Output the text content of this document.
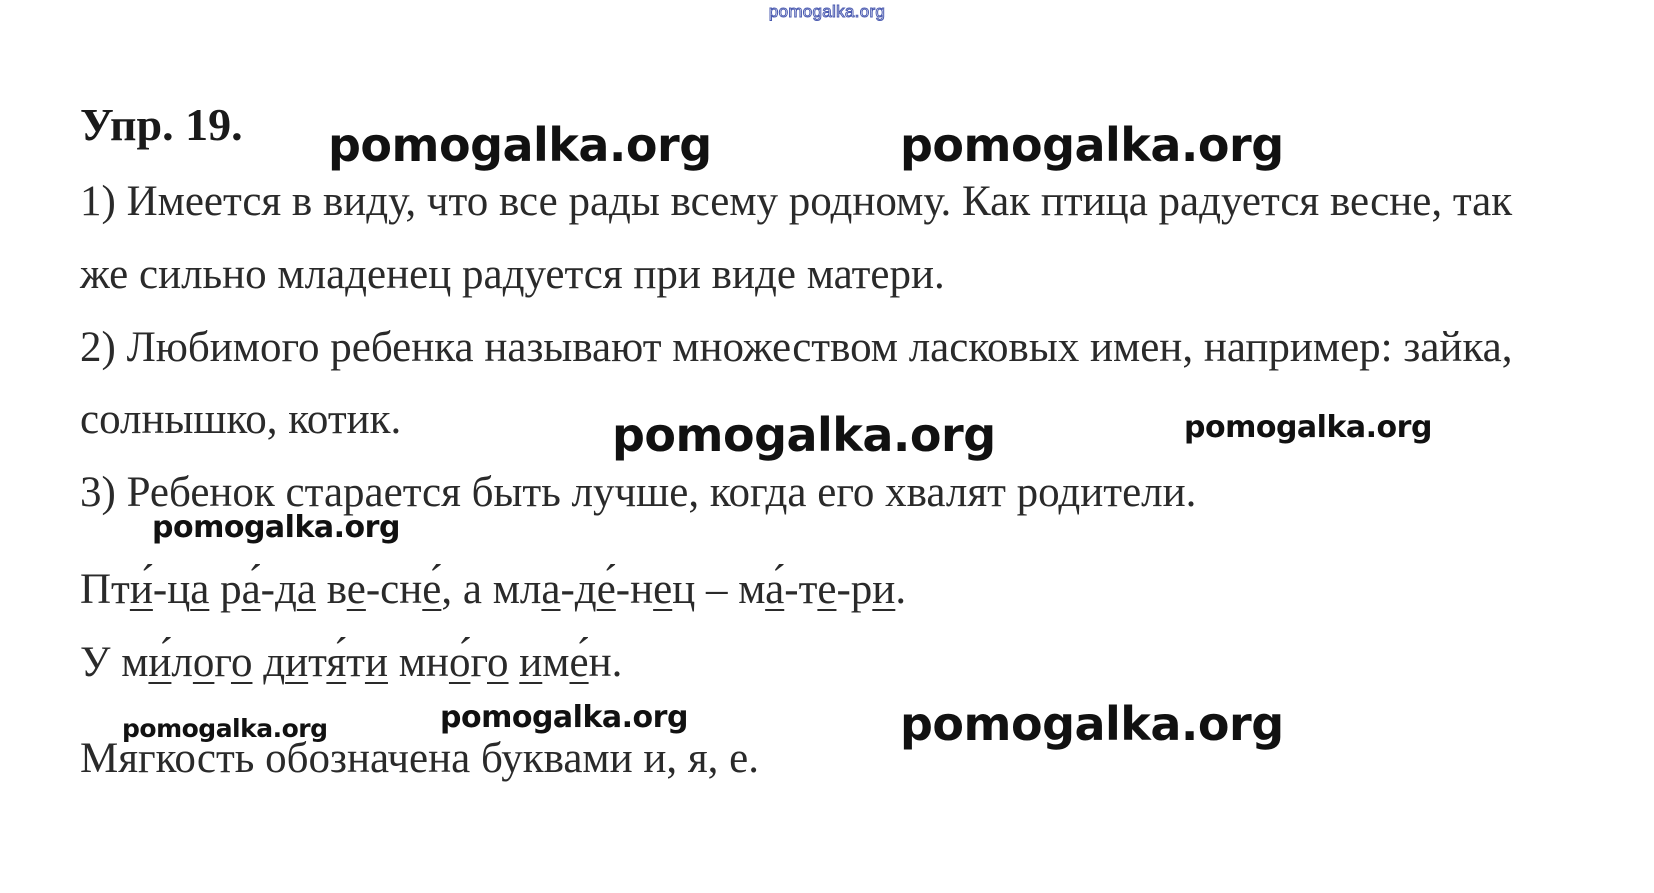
pomogalka.org
Упр. 19. pomogalka.org	pomogalka.org
1) Имеется в виду, что все рады всему родному. Как птица радуется весне, так
же сильно младенец радуется при виде матери.
2) Любимого ребенка называют множеством ласковых имен, например: зайка,
солнышко, котик.	pomogalka.org	pomogalka.org
3) Ребенок старается быть лучше, когда его хвалят родители.
pomogalka.org
Пти́-ца ра́-да ве-сне́, а мла-де́-нец – ма́-те-ри.
У ми́лого дитя́ти мно́го име́н.
pomogalka.org	pomogalka.org	pomogalka.org
Мягкость обозначена буквами и, я, е.
